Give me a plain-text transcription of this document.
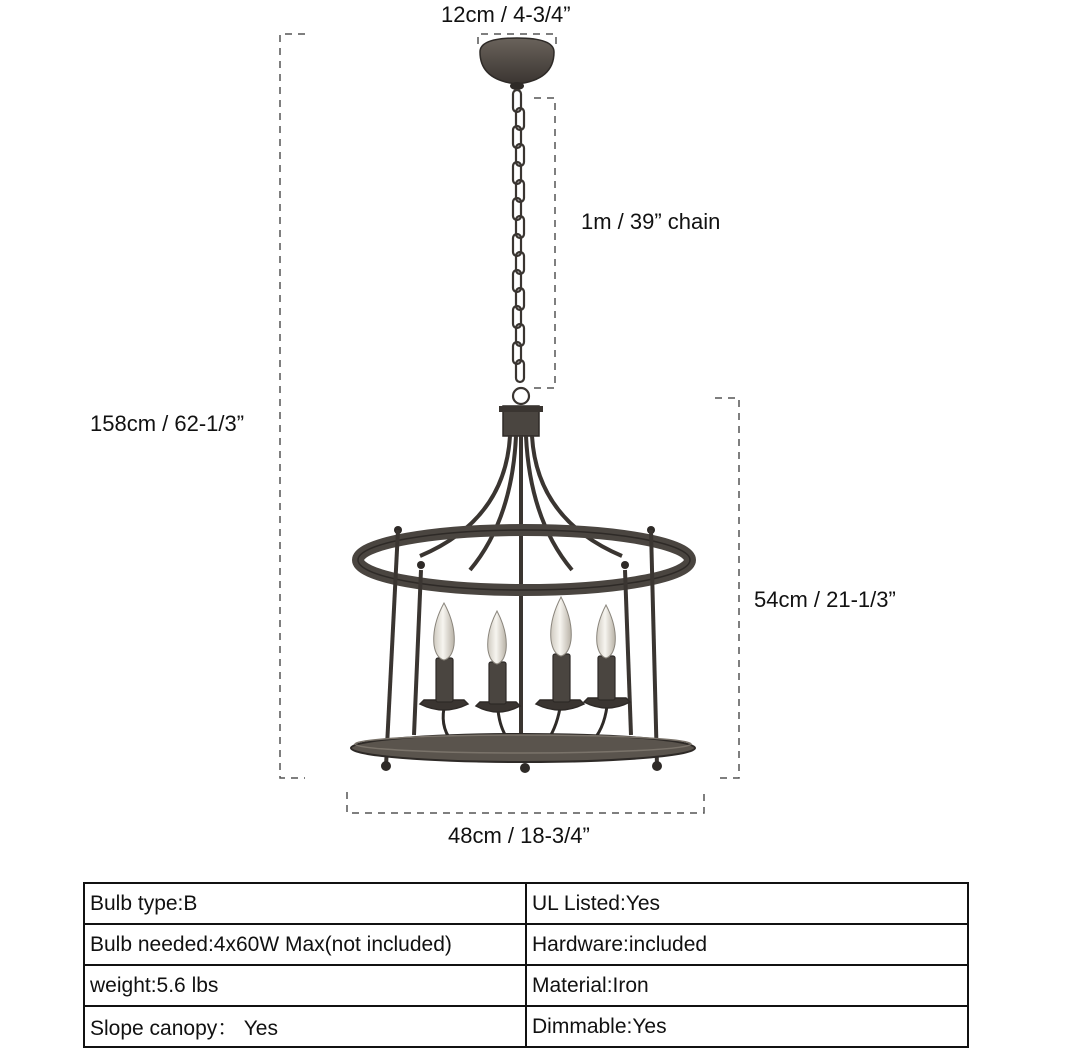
12cm / 4-3/4”
1m / 39” chain
158cm / 62-1/3”
54cm / 21-1/3”
48cm / 18-3/4”
Bulb type:B	UL Listed:Yes
Bulb needed:4x60W Max(not included)	Hardware:included
weight:5.6 lbs	Material:Iron
Slope canopy： Yes	Dimmable:Yes
